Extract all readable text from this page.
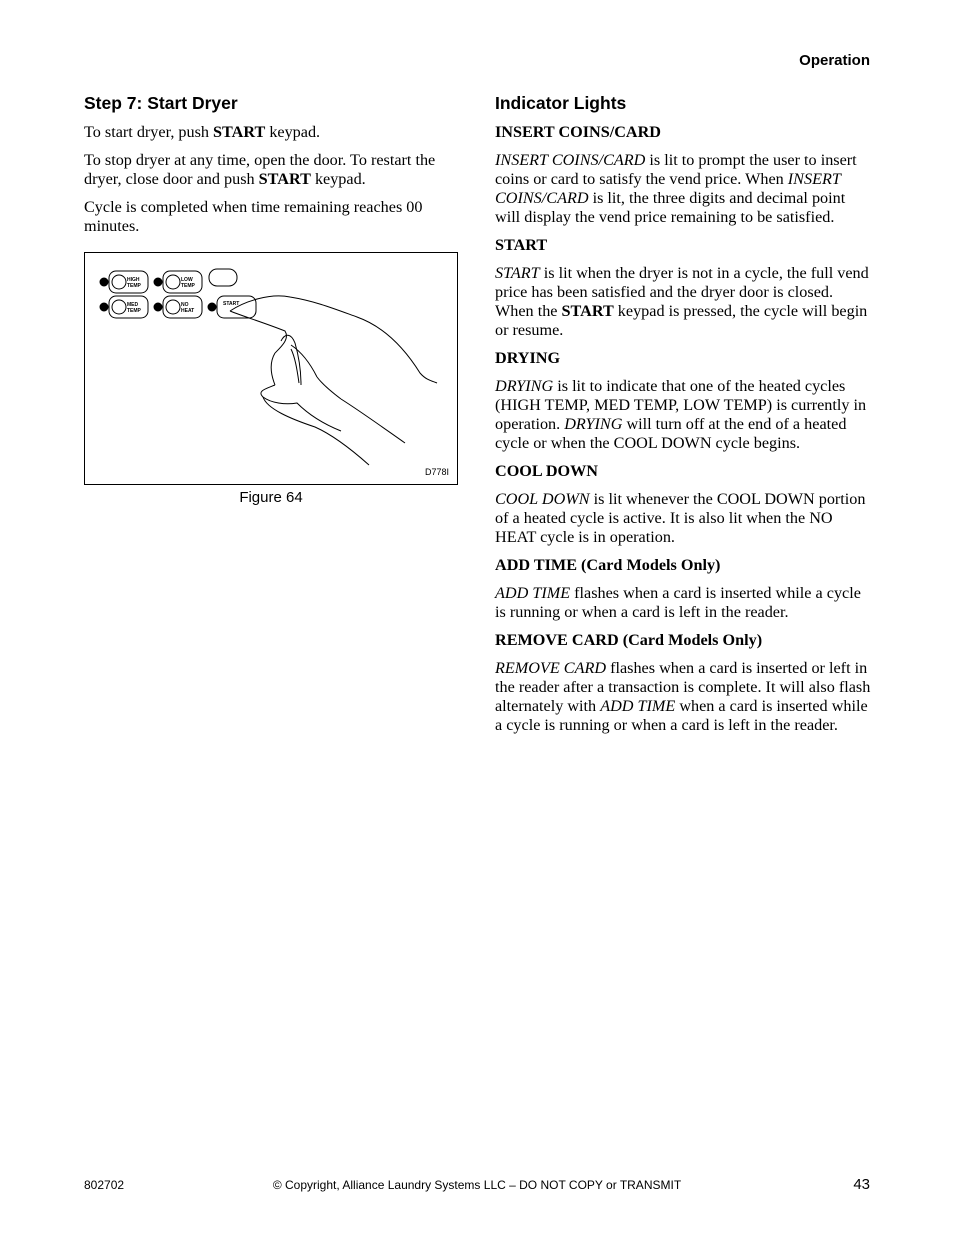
Operation
Step 7: Start Dryer

To start dryer, push START keypad.

To stop dryer at any time, open the door. To restart the dryer, close door and push START keypad.

Cycle is completed when time remaining reaches 00 minutes.

HIGH
TEMP
LOW
TEMP
MED
TEMP
NO
HEAT
START
D778I
Figure 64
Indicator Lights
INSERT COINS/CARD

INSERT COINS/CARD is lit to prompt the user to insert coins or card to satisfy the vend price. When INSERT COINS/CARD is lit, the three digits and decimal point will display the vend price remaining to be satisfied.

START

START is lit when the dryer is not in a cycle, the full vend price has been satisfied and the dryer door is closed. When the START keypad is pressed, the cycle will begin or resume.

DRYING

DRYING is lit to indicate that one of the heated cycles (HIGH TEMP, MED TEMP, LOW TEMP) is currently in operation. DRYING will turn off at the end of a heated cycle or when the COOL DOWN cycle begins.

COOL DOWN

COOL DOWN is lit whenever the COOL DOWN portion of a heated cycle is active. It is also lit when the NO HEAT cycle is in operation.

ADD TIME (Card Models Only)

ADD TIME flashes when a card is inserted while a cycle is running or when a card is left in the reader.

REMOVE CARD (Card Models Only)

REMOVE CARD flashes when a card is inserted or left in the reader after a transaction is complete. It will also flash alternately with ADD TIME when a card is inserted while a cycle is running or when a card is left in the reader.

802702	© Copyright, Alliance Laundry Systems LLC – DO NOT COPY or TRANSMIT	43
